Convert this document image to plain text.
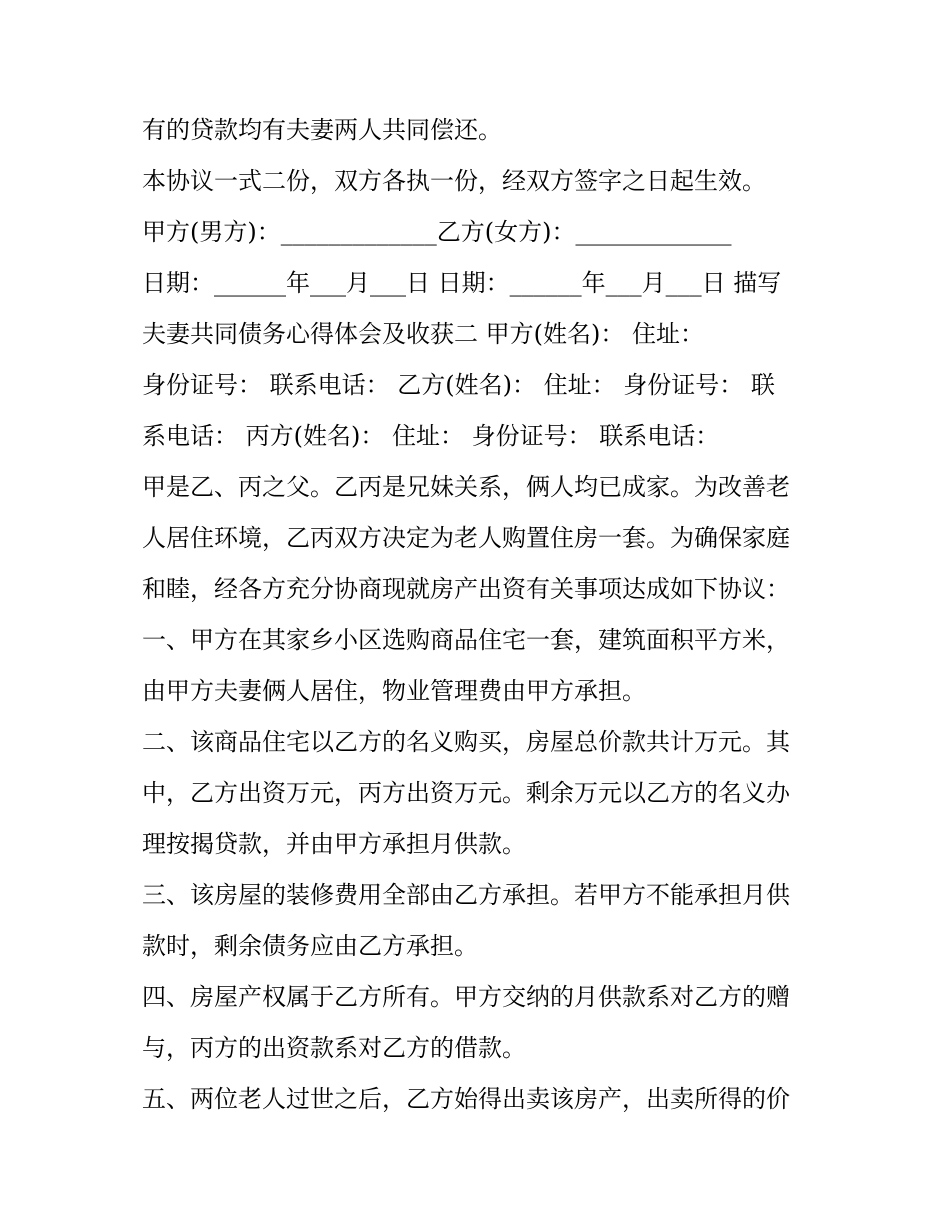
有的贷款均有夫妻两人共同偿还。
本协议一式二份，双方各执一份，经双方签字之日起生效。
甲方(男方)：_____________乙方(女方)：_____________
日期：______年___月___日 日期：______年___月___日 描写
夫妻共同债务心得体会及收获二 甲方(姓名)： 住址：
身份证号： 联系电话： 乙方(姓名)： 住址： 身份证号： 联
系电话： 丙方(姓名)： 住址： 身份证号： 联系电话：
甲是乙、丙之父。乙丙是兄妹关系，俩人均已成家。为改善老
人居住环境，乙丙双方决定为老人购置住房一套。为确保家庭
和睦，经各方充分协商现就房产出资有关事项达成如下协议：
一、甲方在其家乡小区选购商品住宅一套，建筑面积平方米，
由甲方夫妻俩人居住，物业管理费由甲方承担。
二、该商品住宅以乙方的名义购买，房屋总价款共计万元。其
中，乙方出资万元，丙方出资万元。剩余万元以乙方的名义办
理按揭贷款，并由甲方承担月供款。
三、该房屋的装修费用全部由乙方承担。若甲方不能承担月供
款时，剩余债务应由乙方承担。
四、房屋产权属于乙方所有。甲方交纳的月供款系对乙方的赠
与，丙方的出资款系对乙方的借款。
五、两位老人过世之后，乙方始得出卖该房产，出卖所得的价
